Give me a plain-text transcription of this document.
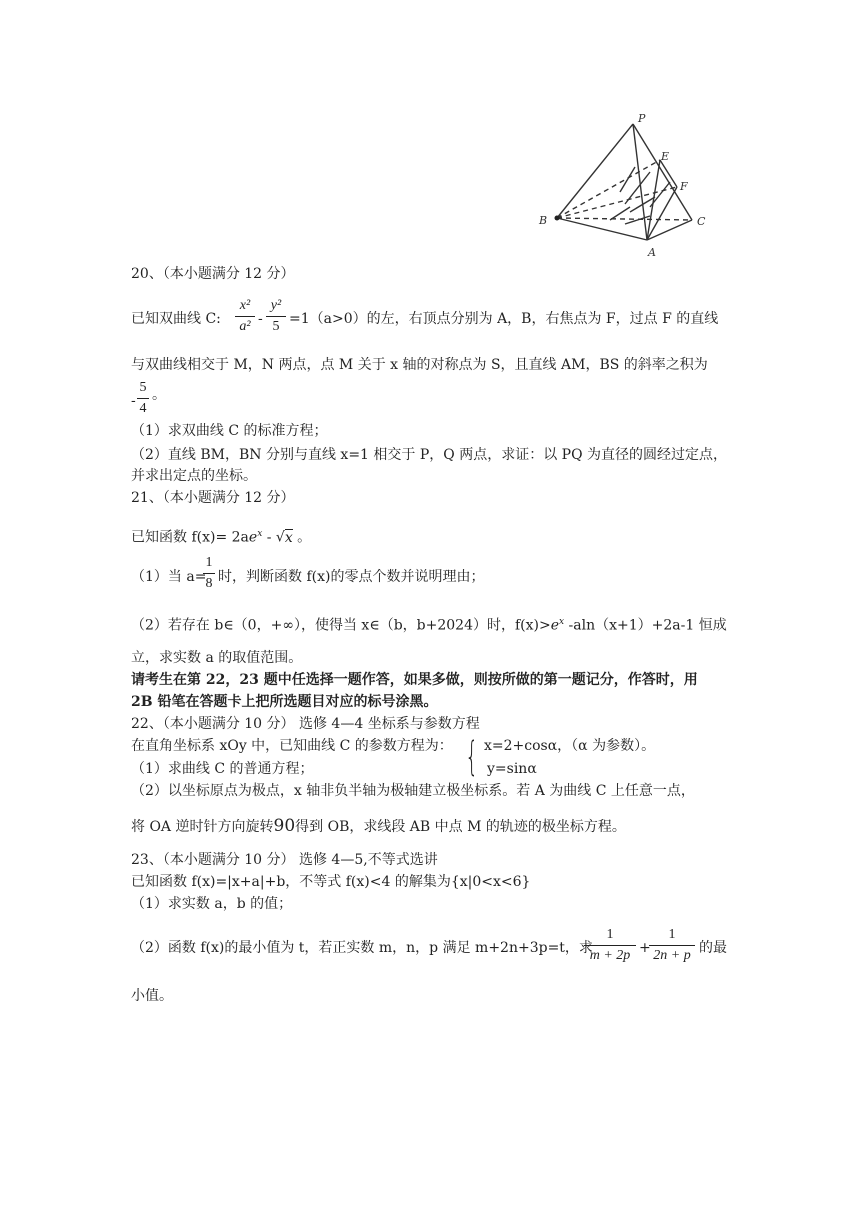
P
E
F
B	C
A
20、（本小题满分 12 分）
已知双曲线 C:
x²
a² -
y²
5 =1（a>0）的左，右顶点分别为 A，B，右焦点为 F，过点 F 的直线
与双曲线相交于 M，N 两点，点 M 关于 x 轴的对称点为 S，且直线 AM，BS 的斜率之积为
-
5
4
。
（1）求双曲线 C 的标准方程；
（2）直线 BM，BN 分别与直线 x=1 相交于 P，Q 两点，求证：以 PQ 为直径的圆经过定点，
并求出定点的坐标。
21、（本小题满分 12 分）
已知函数 $f(x)= 2ae^x - √x$ 。
（1）当 a=
1
8 时，判断函数 f(x)的零点个数并说明理由；
（2）若存在 b∈（0，+∞），使得当 x∈（b，b+2024）时，$f(x)>e^x$ -aln（x+1）+2a-1 恒成
立，求实数 a 的取值范围。
请考生在第 22，23 题中任选择一题作答，如果多做，则按所做的第一题记分，作答时，用
2B 铅笔在答题卡上把所选题目对应的标号涂黑。
22、（本小题满分 10 分） 选修 4—4 坐标系与参数方程
在直角坐标系 xOy 中，已知曲线 C 的参数方程为： { x=2+cosα，（α 为参数）。
（1）求曲线 C 的普通方程；	y=sinα
（2）以坐标原点为极点，x 轴非负半轴为极轴建立极坐标系。若 A 为曲线 C 上任意一点，
将 OA 逆时针方向旋转90得到 OB，求线段 AB 中点 M 的轨迹的极坐标方程。
23、（本小题满分 10 分） 选修 4—5,不等式选讲
已知函数 f(x)=|x+a|+b，不等式 f(x)<4 的解集为{x|0<x<6}
（1）求实数 a，b 的值；
（2）函数 f(x)的最小值为 t，若正实数 m，n，p 满足 m+2n+3p=t，求
1
m + 2p +
1
2n + p 的最
小值。
